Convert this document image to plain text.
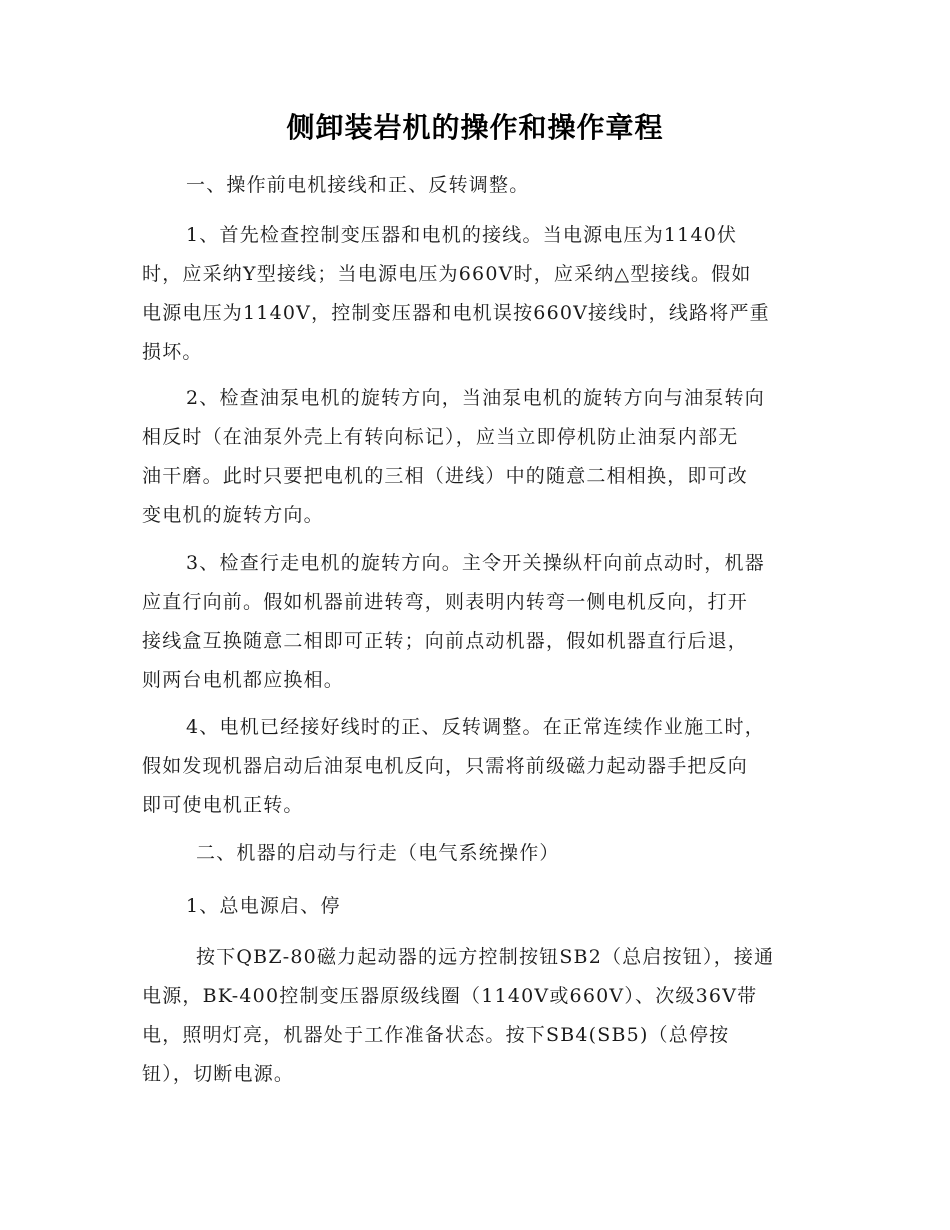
侧卸装岩机的操作和操作章程
一、操作前电机接线和正、反转调整。
1、首先检查控制变压器和电机的接线。当电源电压为1140伏
时，应采纳Y型接线；当电源电压为660V时，应采纳△型接线。假如
电源电压为1140V，控制变压器和电机误按660V接线时，线路将严重
损坏。
2、检查油泵电机的旋转方向，当油泵电机的旋转方向与油泵转向
相反时（在油泵外壳上有转向标记），应当立即停机防止油泵内部无
油干磨。此时只要把电机的三相（进线）中的随意二相相换，即可改
变电机的旋转方向。
3、检查行走电机的旋转方向。主令开关操纵杆向前点动时，机器
应直行向前。假如机器前进转弯，则表明内转弯一侧电机反向，打开
接线盒互换随意二相即可正转；向前点动机器，假如机器直行后退，
则两台电机都应换相。
4、电机已经接好线时的正、反转调整。在正常连续作业施工时，
假如发现机器启动后油泵电机反向，只需将前级磁力起动器手把反向
即可使电机正转。
二、机器的启动与行走（电气系统操作）
1、总电源启、停
按下QBZ-80磁力起动器的远方控制按钮SB2（总启按钮），接通
电源，BK-400控制变压器原级线圈（1140V或660V）、次级36V带
电，照明灯亮，机器处于工作准备状态。按下SB4(SB5)（总停按
钮），切断电源。
